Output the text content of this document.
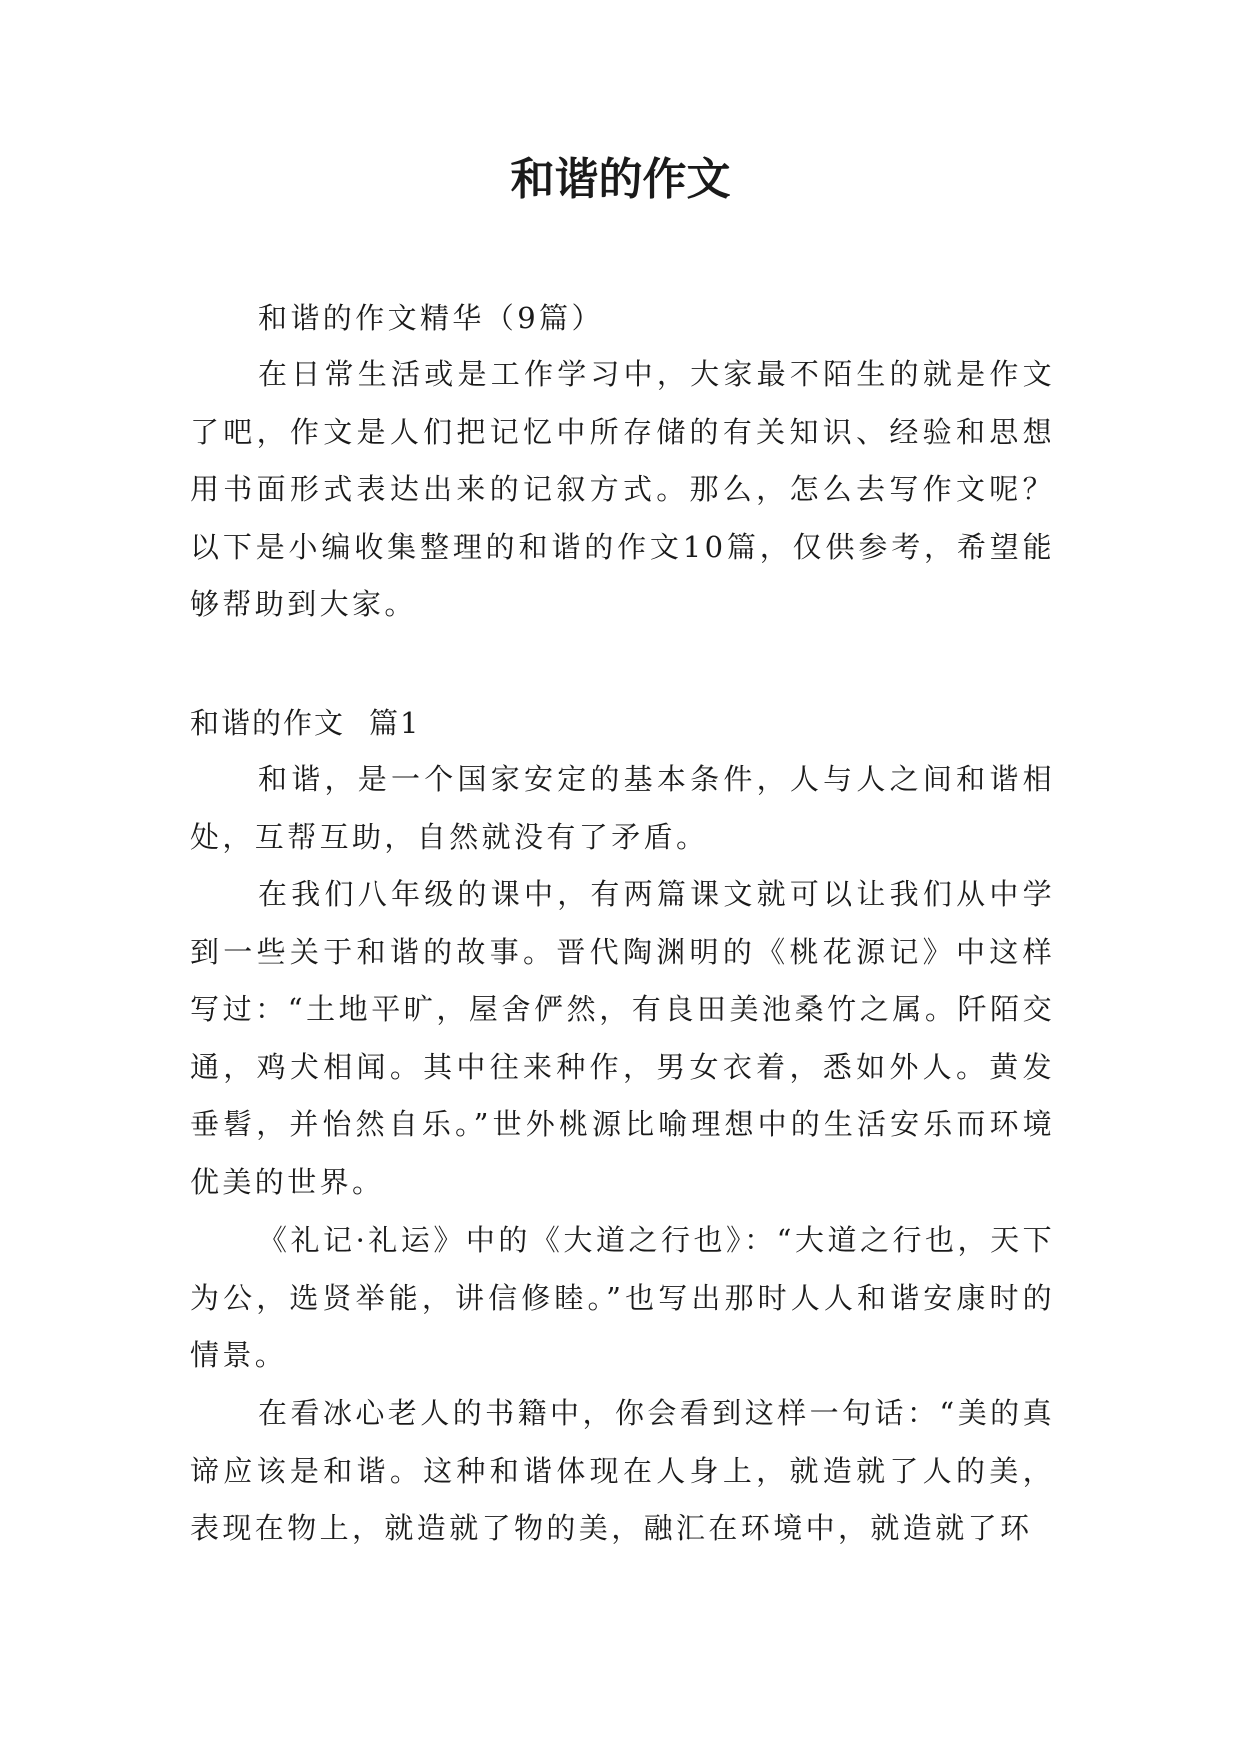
和谐的作文

和谐的作文精华（9篇）

在日常生活或是工作学习中，大家最不陌生的就是作文了吧，作文是人们把记忆中所存储的有关知识、经验和思想用书面形式表达出来的记叙方式。那么，怎么去写作文呢？以下是小编收集整理的和谐的作文10篇，仅供参考，希望能够帮助到大家。

和谐的作文 篇1

和谐，是一个国家安定的基本条件，人与人之间和谐相处，互帮互助，自然就没有了矛盾。

在我们八年级的课中，有两篇课文就可以让我们从中学到一些关于和谐的故事。晋代陶渊明的《桃花源记》中这样写过：“土地平旷，屋舍俨然，有良田美池桑竹之属。阡陌交通，鸡犬相闻。其中往来种作，男女衣着，悉如外人。黄发垂髫，并怡然自乐。”世外桃源比喻理想中的生活安乐而环境优美的世界。

《礼记·礼运》中的《大道之行也》：“大道之行也，天下为公，选贤举能，讲信修睦。”也写出那时人人和谐安康时的情景。

在看冰心老人的书籍中，你会看到这样一句话：“美的真谛应该是和谐。这种和谐体现在人身上，就造就了人的美，表现在物上，就造就了物的美，融汇在环境中，就造就了环
